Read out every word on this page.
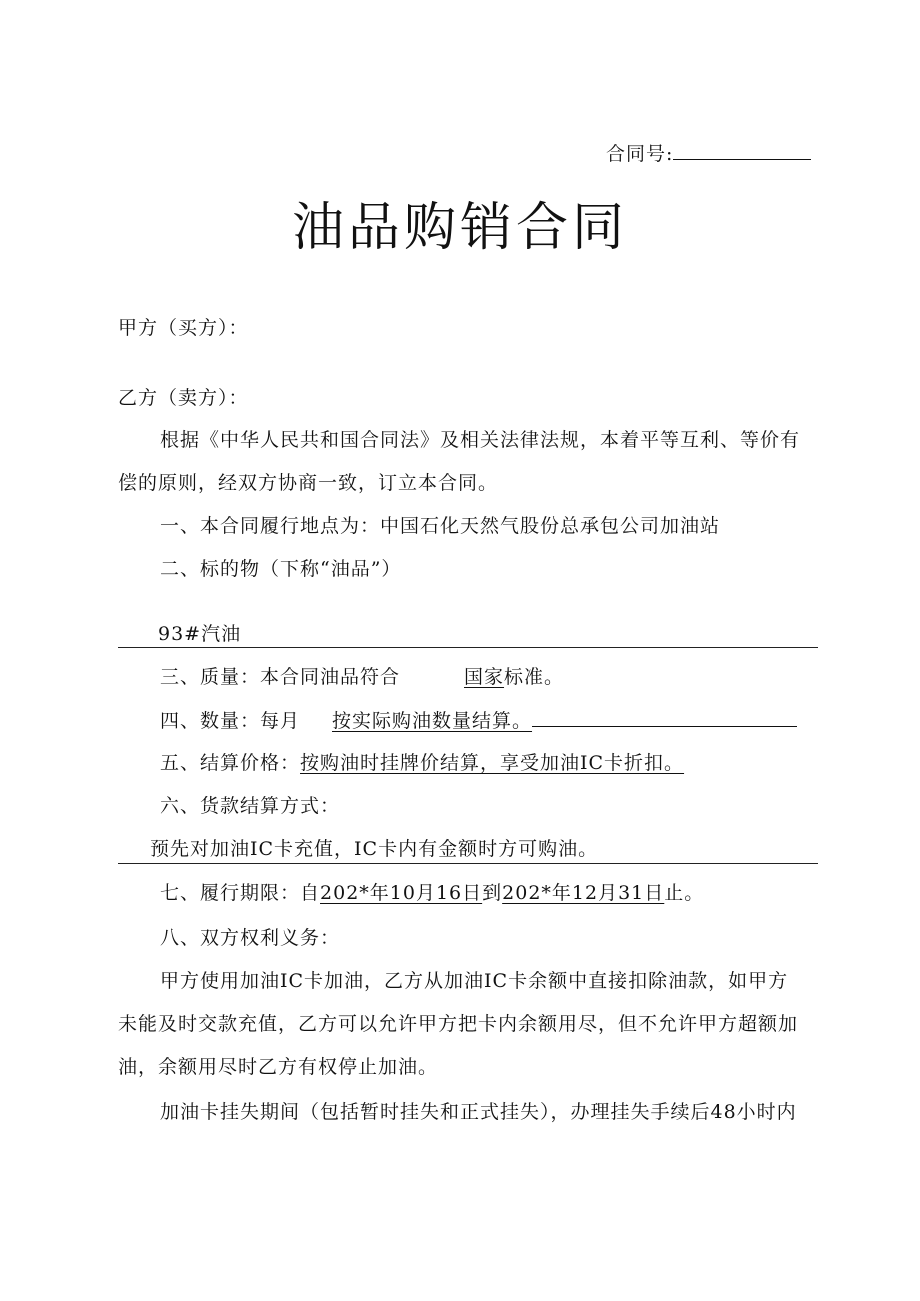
合同号:
油品购销合同
甲方（买方）：
乙方（卖方）：
根据《中华人民共和国合同法》及相关法律法规，本着平等互利、等价有
偿的原则，经双方协商一致，订立本合同。
一、本合同履行地点为：中国石化天然气股份总承包公司加油站
二、标的物（下称“油品”）
93#汽油
三、质量：本合同油品符合	国家标准。
四、数量：每月 按实际购油数量结算。
五、结算价格：按购油时挂牌价结算，享受加油IC卡折扣。
六、货款结算方式：
预先对加油IC卡充值，IC卡内有金额时方可购油。
七、履行期限：自202*年10月16日到202*年12月31日止。
八、双方权利义务：
甲方使用加油IC卡加油，乙方从加油IC卡余额中直接扣除油款，如甲方
未能及时交款充值，乙方可以允许甲方把卡内余额用尽，但不允许甲方超额加
油，余额用尽时乙方有权停止加油。
加油卡挂失期间（包括暂时挂失和正式挂失），办理挂失手续后48小时内
